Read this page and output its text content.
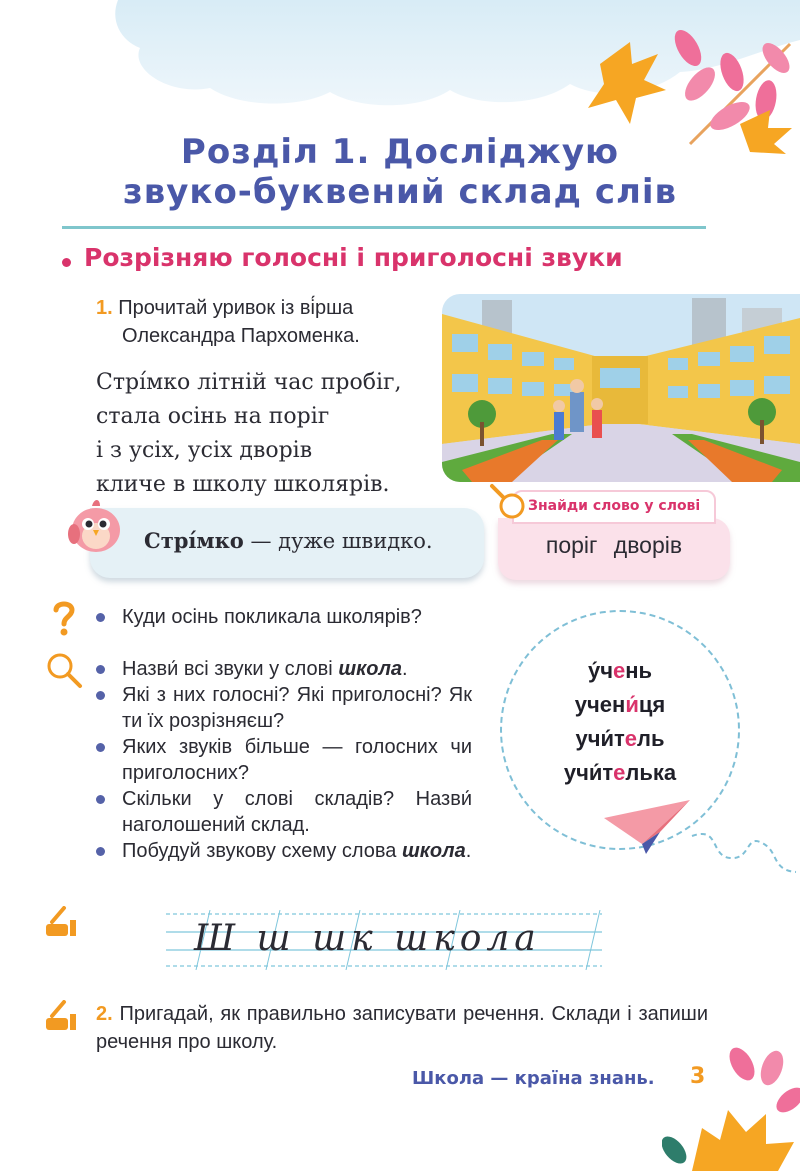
Розділ 1. Досліджую
звуко-буквений склад слів
Розрізняю голосні і приголосні звуки
1. Прочитай уривок із ві́рша
Олександра Пархоменка.
Стрі́мко літній час пробіг,
стала осінь на поріг
і з усіх, усіх дворів
кличе в школу школярів.
Стрі́мко — дуже швидко.
Знайди слово у слові
поріг дворів
Куди осінь покликала школярів?
Назви́ всі звуки у слові школа.
Які з них голосні? Які приголосні? Як ти їх розрізняєш?
Яких звуків більше — голосних чи приголосних?
Скільки у слові складів? Назви́ наголошений склад.
Побудуй звукову схему слова школа.
у́чень
учени́ця
учи́тель
учи́телька
Ш ш шк школа
2. Пригадай, як правильно записувати речення. Склади і запиши речення про школу.
Школа — країна знань. 3
